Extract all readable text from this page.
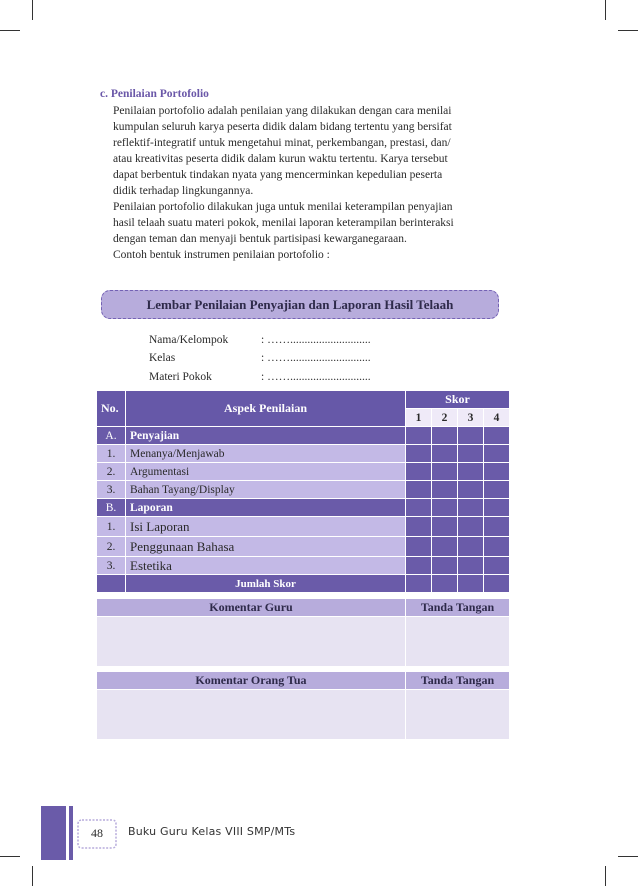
c. Penilaian Portofolio
Penilaian portofolio adalah penilaian yang dilakukan dengan cara menilai
kumpulan seluruh karya peserta didik dalam bidang tertentu yang bersifat
reflektif-integratif untuk mengetahui minat, perkembangan, prestasi, dan/
atau kreativitas peserta didik dalam kurun waktu tertentu. Karya tersebut
dapat berbentuk tindakan nyata yang mencerminkan kepedulian peserta
didik terhadap lingkungannya.
Penilaian portofolio dilakukan juga untuk menilai keterampilan penyajian
hasil telaah suatu materi pokok, menilai laporan keterampilan berinteraksi
dengan teman dan menyaji bentuk partisipasi kewarganegaraan.
Contoh bentuk instrumen penilaian portofolio :
Lembar Penilaian Penyajian dan Laporan Hasil Telaah
Nama/Kelompok	: ……............................
Kelas	: ……............................
Materi Pokok	: ……............................
No.	Aspek Penilaian	Skor			
		1	2	3	4
A.	Penyajian				
1.	Menanya/Menjawab				
2.	Argumentasi				
3.	Bahan Tayang/Display				
B.	Laporan				
1.	Isi Laporan				
2.	Penggunaan Bahasa				
3.	Estetika				
	Jumlah Skor				

Komentar Guru		Tanda Tangan			

Komentar Orang Tua		Tanda Tangan			

48	Buku Guru Kelas VIII SMP/MTs
